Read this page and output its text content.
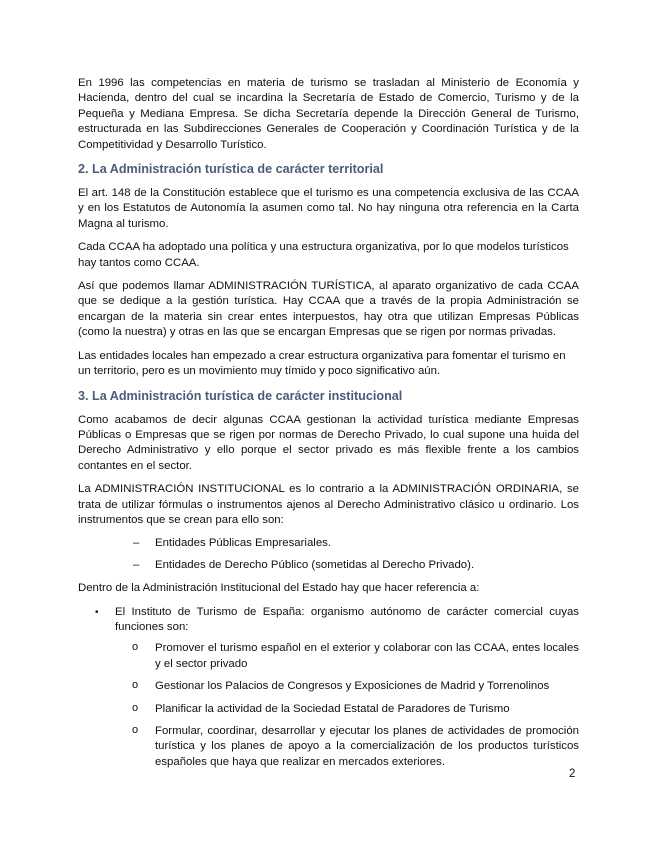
En 1996 las competencias en materia de turismo se trasladan al Ministerio de Economía y Hacienda, dentro del cual se incardina la Secretaría de Estado de Comercio, Turismo y de la Pequeña y Mediana Empresa. Se dicha Secretaría depende la Dirección General de Turismo, estructurada en las Subdirecciones Generales de Cooperación y Coordinación Turística y de la Competitividad y Desarrollo Turístico.

2. La Administración turística de carácter territorial

El art. 148 de la Constitución establece que el turismo es una competencia exclusiva de las CCAA y en los Estatutos de Autonomía la asumen como tal. No hay ninguna otra referencia en la Carta Magna al turismo.

Cada CCAA ha adoptado una política y una estructura organizativa, por lo que modelos turísticos hay tantos como CCAA.

Así que podemos llamar ADMINISTRACIÓN TURÍSTICA, al aparato organizativo de cada CCAA que se dedique a la gestión turística. Hay CCAA que a través de la propia Administración se encargan de la materia sin crear entes interpuestos, hay otra que utilizan Empresas Públicas (como la nuestra) y otras en las que se encargan Empresas que se rigen por normas privadas.

Las entidades locales han empezado a crear estructura organizativa para fomentar el turismo en un territorio, pero es un movimiento muy tímido y poco significativo aún.

3. La Administración turística de carácter institucional

Como acabamos de decir algunas CCAA gestionan la actividad turística mediante Empresas Públicas o Empresas que se rigen por normas de Derecho Privado, lo cual supone una huida del Derecho Administrativo y ello porque el sector privado es más flexible frente a los cambios contantes en el sector.

La ADMINISTRACIÓN INSTITUCIONAL es lo contrario a la ADMINISTRACIÓN ORDINARIA, se trata de utilizar fórmulas o instrumentos ajenos al Derecho Administrativo clásico u ordinario. Los instrumentos que se crean para ello son:

– Entidades Públicas Empresariales.
– Entidades de Derecho Público (sometidas al Derecho Privado).

Dentro de la Administración Institucional del Estado hay que hacer referencia a:

• El Instituto de Turismo de España: organismo autónomo de carácter comercial cuyas funciones son:
o Promover el turismo español en el exterior y colaborar con las CCAA, entes locales y el sector privado
o Gestionar los Palacios de Congresos y Exposiciones de Madrid y Torrenolinos
o Planificar la actividad de la Sociedad Estatal de Paradores de Turismo
o Formular, coordinar, desarrollar y ejecutar los planes de actividades de promoción turística y los planes de apoyo a la comercialización de los productos turísticos españoles que haya que realizar en mercados exteriores.
2
